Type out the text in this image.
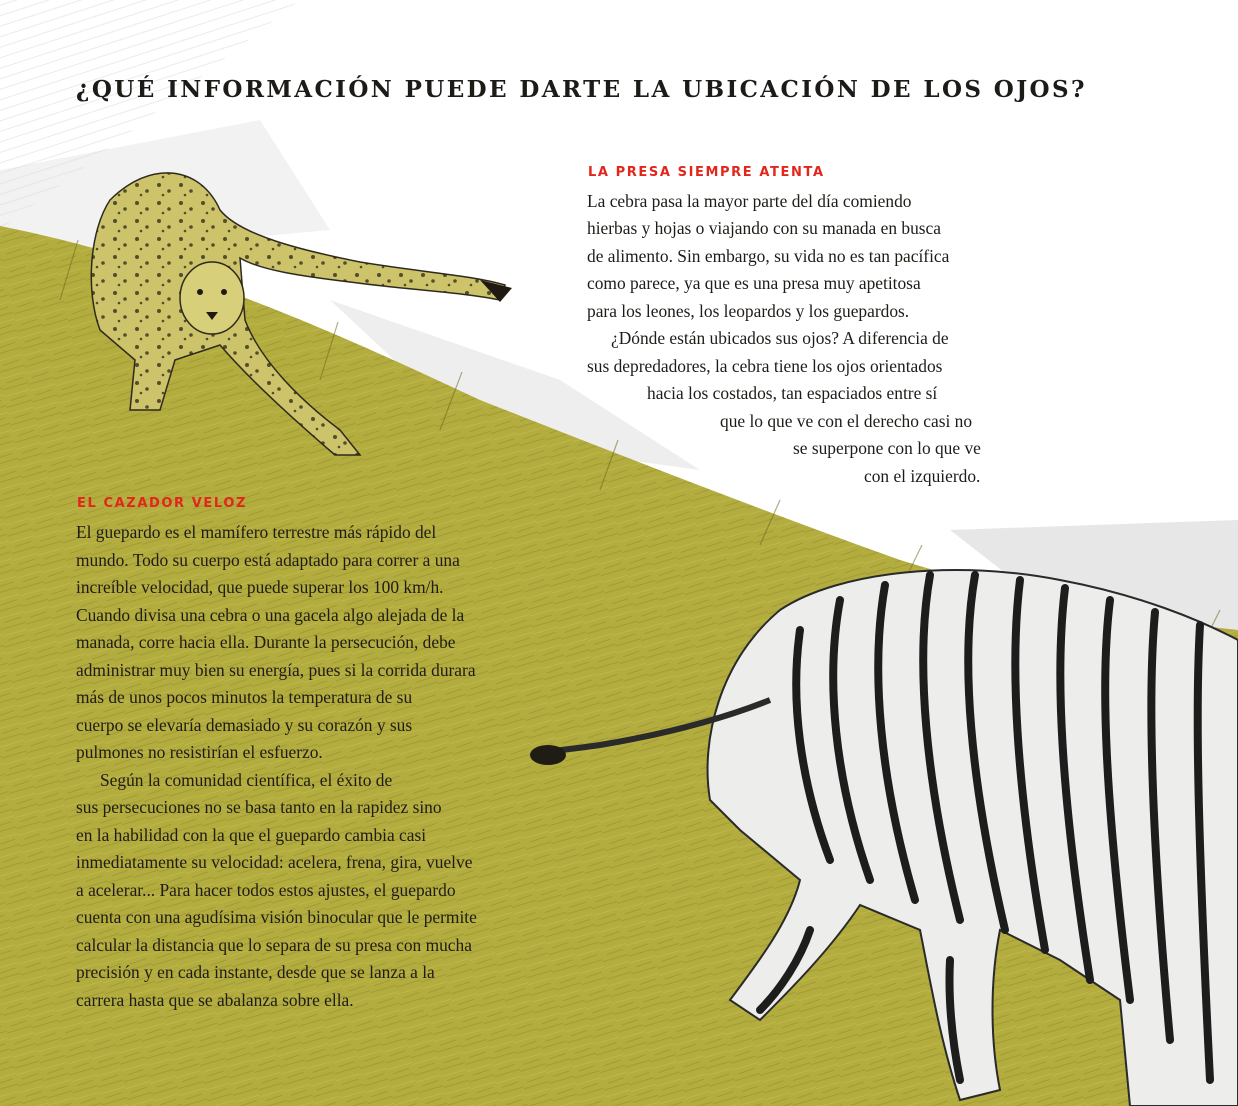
¿QUÉ INFORMACIÓN PUEDE DARTE LA UBICACIÓN DE LOS OJOS?
LA PRESA SIEMPRE ATENTA

La cebra pasa la mayor parte del día comiendo

hierbas y hojas o viajando con su manada en busca

de alimento. Sin embargo, su vida no es tan pacífica

como parece, ya que es una presa muy apetitosa

para los leones, los leopardos y los guepardos.

¿Dónde están ubicados sus ojos? A diferencia de

sus depredadores, la cebra tiene los ojos orientados

hacia los costados, tan espaciados entre sí

que lo que ve con el derecho casi no

se superpone con lo que ve

con el izquierdo.

EL CAZADOR VELOZ

El guepardo es el mamífero terrestre más rápido del

mundo. Todo su cuerpo está adaptado para correr a una

increíble velocidad, que puede superar los 100 km/h.

Cuando divisa una cebra o una gacela algo alejada de la

manada, corre hacia ella. Durante la persecución, debe

administrar muy bien su energía, pues si la corrida durara

más de unos pocos minutos la temperatura de su

cuerpo se elevaría demasiado y su corazón y sus

pulmones no resistirían el esfuerzo.

Según la comunidad científica, el éxito de

sus persecuciones no se basa tanto en la rapidez sino

en la habilidad con la que el guepardo cambia casi

inmediatamente su velocidad: acelera, frena, gira, vuelve

a acelerar... Para hacer todos estos ajustes, el guepardo

cuenta con una agudísima visión binocular que le permite

calcular la distancia que lo separa de su presa con mucha

precisión y en cada instante, desde que se lanza a la

carrera hasta que se abalanza sobre ella.
